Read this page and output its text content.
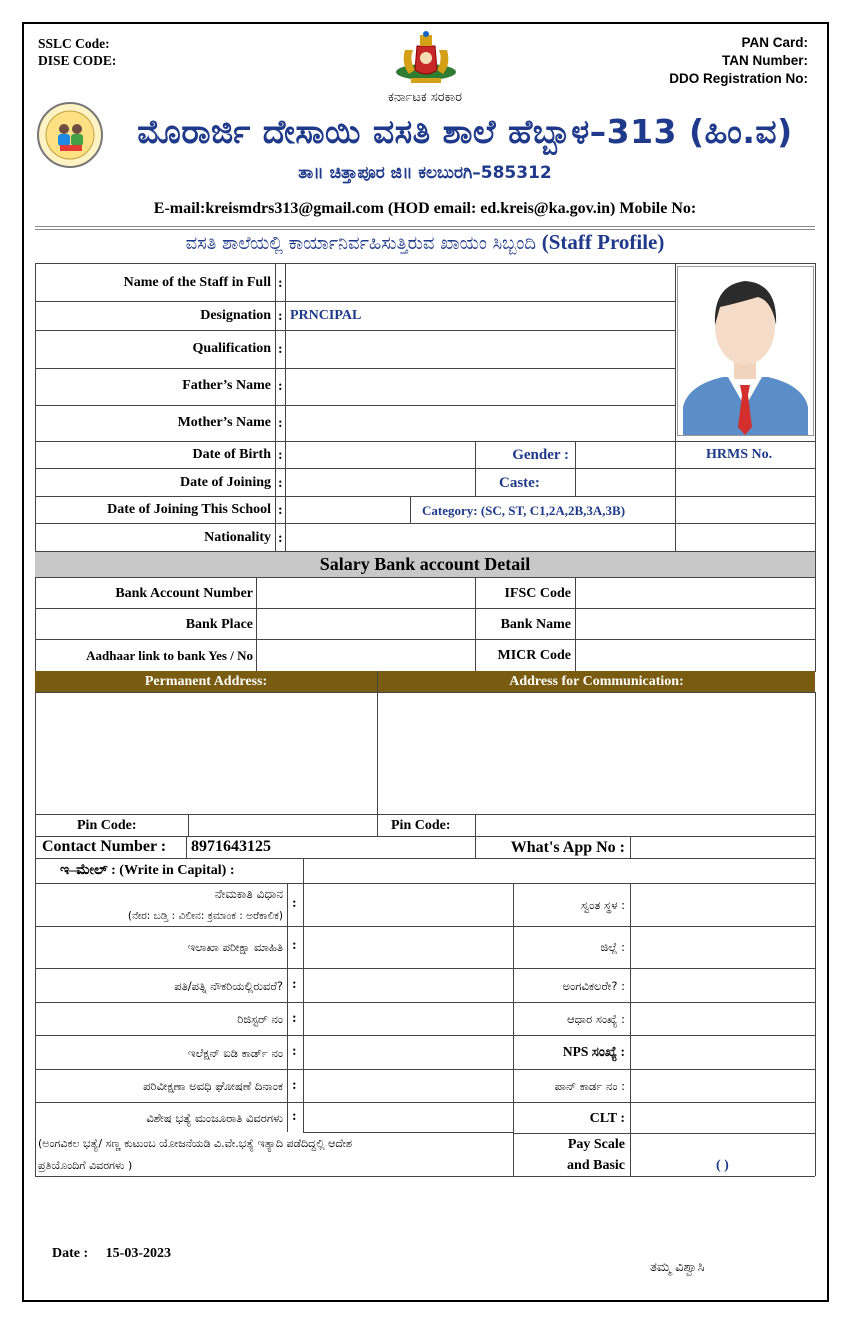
SSLC Code:
DISE CODE:
PAN Card:
TAN Number:
DDO Registration No:
ಕರ್ನಾಟಕ ಸರಕಾರ
ಮೊರಾರ್ಜಿ ದೇಸಾಯಿ ವಸತಿ ಶಾಲೆ ಹೆಬ್ಬಾಳ–313 (ಹಿಂ.ವ)
ತಾ॥ ಚಿತ್ತಾಪೂರ ಜಿ॥ ಕಲಬುರಗಿ–585312
E-mail:kreismdrs313@gmail.com (HOD email: ed.kreis@ka.gov.in) Mobile No:
ವಸತಿ ಶಾಲೆಯಲ್ಲಿ ಕಾರ್ಯಾನಿರ್ವಹಿಸುತ್ತಿರುವ ಖಾಯಂ ಸಿಬ್ಬಂದಿ (Staff Profile)
Name of the Staff in Full :
Designation : PRNCIPAL
Qualification :
Father’s Name :
Mother’s Name :
Date of Birth :	Gender :	HRMS No.
Date of Joining :	Caste:
Date of Joining This School :	Category: (SC, ST, C1,2A,2B,3A,3B)
Nationality :
Salary Bank account Detail
Bank Account Number	IFSC Code
Bank Place	Bank Name
Aadhaar link to bank Yes / No	MICR Code
Permanent Address:	Address for Communication:
Pin Code:	Pin Code:
Contact Number : 8971643125	What's App No :
ಇ–ಮೇಲ್ : (Write in Capital) :
ನೇಮಕಾತಿ ವಿಧಾನ
(ನೇರ: ಬಡ್ತಿ : ವಿಲೀನ: ಕ್ರಮಾಂಕ : ಅರೆಕಾಲಿಕ)
:	ಸ್ವಂತ ಸ್ಥಳ :
ಇಲಾಖಾ ಪರೀಕ್ಷಾ ಮಾಹಿತಿ :	ಜಿಲ್ಲೆ :
ಪತಿ/ಪತ್ನಿ ನೌಕರಿಯಲ್ಲಿರುವರೆ? :	ಅಂಗವಿಕಲರೇ? :
ರಿಜಿಸ್ಟರ್ ನಂ :	ಆಧಾರ ಸಂಖ್ಯೆ :
ಇಲೆಕ್ಷನ್ ಐಡಿ ಕಾರ್ಡ್ ನಂ :	NPS ಸಂಖ್ಯೆ :
ಪರಿವೀಕ್ಷಣಾ ಅವಧಿ ಘೋಷಣೆ ದಿನಾಂಕ :	ಪಾನ್ ಕಾರ್ಡ ನಂ :
ವಿಶೇಷ ಭತ್ಯೆ ಮಂಜೂರಾತಿ ವಿವರಗಳು :	CLT :
(ಅಂಗವಿಕಲ ಭತ್ಯೆ/ ಸಣ್ಣ ಕುಟುಂಬ ಯೋಜನೆಯಡಿ ವಿ.ವೇ.ಭತ್ಯೆ ಇತ್ಯಾದಿ ಪಡೆದಿದ್ದಲ್ಲಿ ಆದೇಶ
ಪ್ರತಿಯೊಂದಿಗೆ ವಿವರಗಳು )
Pay Scale
and Basic	( )
Date : 15-03-2023
ತಮ್ಮ ವಿಶ್ವಾಸಿ
